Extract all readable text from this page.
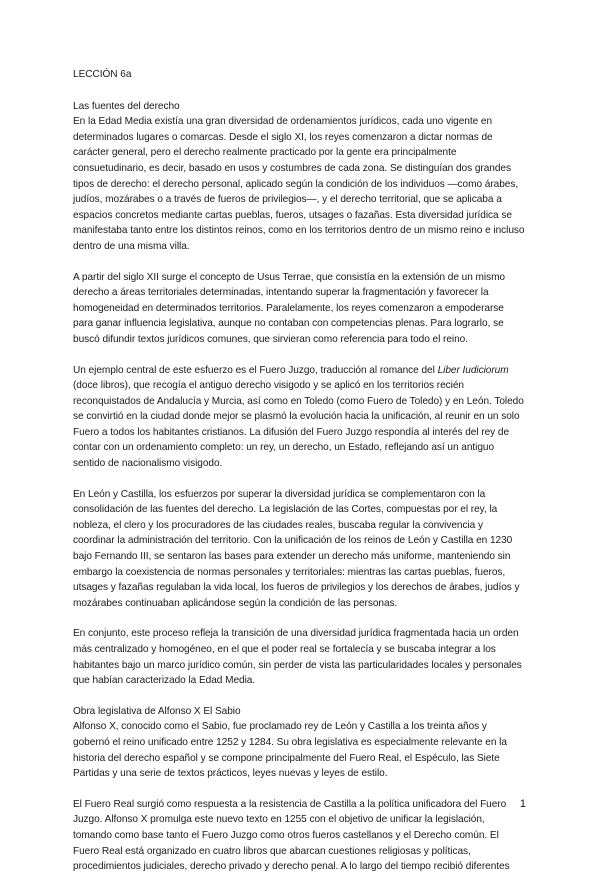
LECCIÓN 6a
Las fuentes del derecho

En la Edad Media existía una gran diversidad de ordenamientos jurídicos, cada uno vigente en determinados lugares o comarcas. Desde el siglo XI, los reyes comenzaron a dictar normas de carácter general, pero el derecho realmente practicado por la gente era principalmente consuetudinario, es decir, basado en usos y costumbres de cada zona. Se distinguían dos grandes tipos de derecho: el derecho personal, aplicado según la condición de los individuos —como árabes, judíos, mozárabes o a través de fueros de privilegios—, y el derecho territorial, que se aplicaba a espacios concretos mediante cartas pueblas, fueros, utsages o fazañas. Esta diversidad jurídica se manifestaba tanto entre los distintos reinos, como en los territorios dentro de un mismo reino e incluso dentro de una misma villa.

A partir del siglo XII surge el concepto de Usus Terrae, que consistía en la extensión de un mismo derecho a áreas territoriales determinadas, intentando superar la fragmentación y favorecer la homogeneidad en determinados territorios. Paralelamente, los reyes comenzaron a empoderarse para ganar influencia legislativa, aunque no contaban con competencias plenas. Para lograrlo, se buscó difundir textos jurídicos comunes, que sirvieran como referencia para todo el reino.

Un ejemplo central de este esfuerzo es el Fuero Juzgo, traducción al romance del Liber Iudiciorum (doce libros), que recogía el antiguo derecho visigodo y se aplicó en los territorios recién reconquistados de Andalucía y Murcia, así como en Toledo (como Fuero de Toledo) y en León. Toledo se convirtió en la ciudad donde mejor se plasmó la evolución hacia la unificación, al reunir en un solo Fuero a todos los habitantes cristianos. La difusión del Fuero Juzgo respondía al interés del rey de contar con un ordenamiento completo: un rey, un derecho, un Estado, reflejando así un antiguo sentido de nacionalismo visigodo.

En León y Castilla, los esfuerzos por superar la diversidad jurídica se complementaron con la consolidación de las fuentes del derecho. La legislación de las Cortes, compuestas por el rey, la nobleza, el clero y los procuradores de las ciudades reales, buscaba regular la convivencia y coordinar la administración del territorio. Con la unificación de los reinos de León y Castilla en 1230 bajo Fernando III, se sentaron las bases para extender un derecho más uniforme, manteniendo sin embargo la coexistencia de normas personales y territoriales: mientras las cartas pueblas, fueros, utsages y fazañas regulaban la vida local, los fueros de privilegios y los derechos de árabes, judíos y mozárabes continuaban aplicándose según la condición de las personas.

En conjunto, este proceso refleja la transición de una diversidad jurídica fragmentada hacia un orden más centralizado y homogéneo, en el que el poder real se fortalecía y se buscaba integrar a los habitantes bajo un marco jurídico común, sin perder de vista las particularidades locales y personales que habían caracterizado la Edad Media.

Obra legislativa de Alfonso X El Sabio

Alfonso X, conocido como el Sabio, fue proclamado rey de León y Castilla a los treinta años y gobernó el reino unificado entre 1252 y 1284. Su obra legislativa es especialmente relevante en la historia del derecho español y se compone principalmente del Fuero Real, el Espéculo, las Siete Partidas y una serie de textos prácticos, leyes nuevas y leyes de estilo.

El Fuero Real surgió como respuesta a la resistencia de Castilla a la política unificadora del Fuero Juzgo. Alfonso X promulga este nuevo texto en 1255 con el objetivo de unificar la legislación, tomando como base tanto el Fuero Juzgo como otros fueros castellanos y el Derecho común. El Fuero Real está organizado en cuatro libros que abarcan cuestiones religiosas y políticas, procedimientos judiciales, derecho privado y derecho penal. A lo largo del tiempo recibió diferentes

1
